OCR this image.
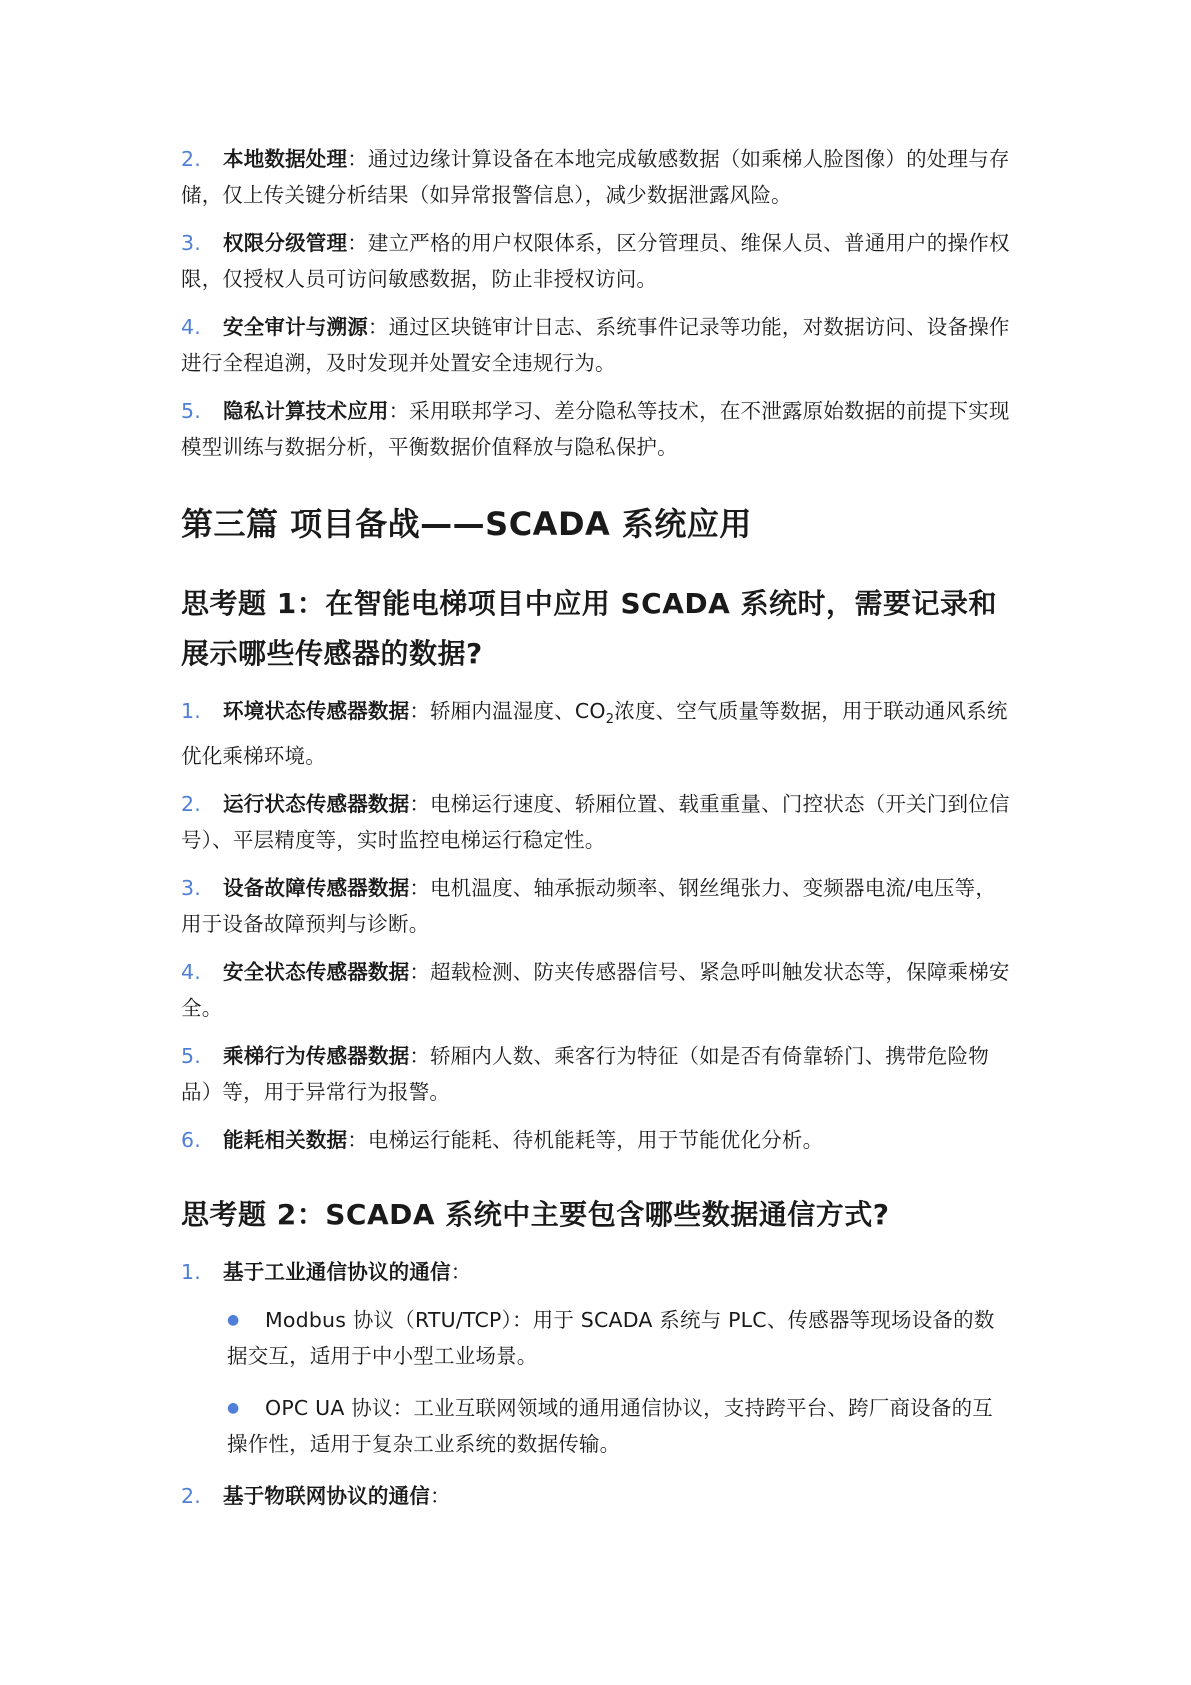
2. 本地数据处理：通过边缘计算设备在本地完成敏感数据（如乘梯人脸图像）的处理与存储，仅上传关键分析结果（如异常报警信息），减少数据泄露风险。
3. 权限分级管理：建立严格的用户权限体系，区分管理员、维保人员、普通用户的操作权限，仅授权人员可访问敏感数据，防止非授权访问。
4. 安全审计与溯源：通过区块链审计日志、系统事件记录等功能，对数据访问、设备操作进行全程追溯，及时发现并处置安全违规行为。
5. 隐私计算技术应用：采用联邦学习、差分隐私等技术，在不泄露原始数据的前提下实现模型训练与数据分析，平衡数据价值释放与隐私保护。
第三篇 项目备战——SCADA 系统应用
思考题 1：在智能电梯项目中应用 SCADA 系统时，需要记录和展示哪些传感器的数据?
1. 环境状态传感器数据：轿厢内温湿度、$CO_2$浓度、空气质量等数据，用于联动通风系统优化乘梯环境。
2. 运行状态传感器数据：电梯运行速度、轿厢位置、载重重量、门控状态（开关门到位信号）、平层精度等，实时监控电梯运行稳定性。
3. 设备故障传感器数据：电机温度、轴承振动频率、钢丝绳张力、变频器电流/电压等，用于设备故障预判与诊断。
4. 安全状态传感器数据：超载检测、防夹传感器信号、紧急呼叫触发状态等，保障乘梯安全。
5. 乘梯行为传感器数据：轿厢内人数、乘客行为特征（如是否有倚靠轿门、携带危险物品）等，用于异常行为报警。
6. 能耗相关数据：电梯运行能耗、待机能耗等，用于节能优化分析。
思考题 2：SCADA 系统中主要包含哪些数据通信方式?
1. 基于工业通信协议的通信：
● Modbus 协议（RTU/TCP）：用于 SCADA 系统与 PLC、传感器等现场设备的数据交互，适用于中小型工业场景。
● OPC UA 协议：工业互联网领域的通用通信协议，支持跨平台、跨厂商设备的互操作性，适用于复杂工业系统的数据传输。
2. 基于物联网协议的通信：
